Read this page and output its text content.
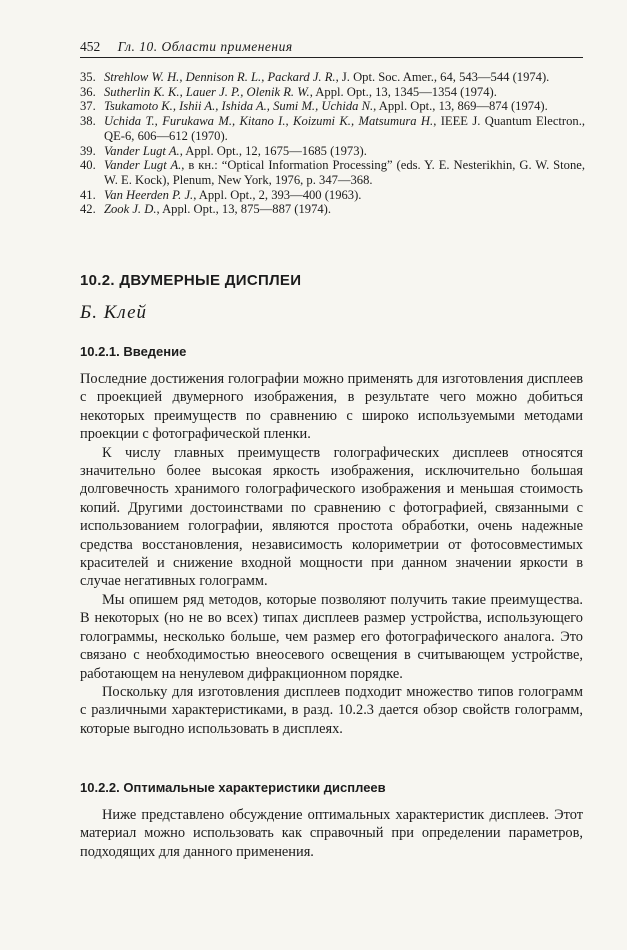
452 Гл. 10. Области применения
35. Strehlow W. H., Dennison R. L., Packard J. R., J. Opt. Soc. Amer., 64, 543—544 (1974).
36. Sutherlin K. K., Lauer J. P., Olenik R. W., Appl. Opt., 13, 1345—1354 (1974).
37. Tsukamoto K., Ishii A., Ishida A., Sumi M., Uchida N., Appl. Opt., 13, 869—874 (1974).
38. Uchida T., Furukawa M., Kitano I., Koizumi K., Matsumura H., IEEE J. Quantum Electron., QE-6, 606—612 (1970).
39. Vander Lugt A., Appl. Opt., 12, 1675—1685 (1973).
40. Vander Lugt A., в кн.: “Optical Information Processing” (eds. Y. E. Nesterikhin, G. W. Stone, W. E. Kock), Plenum, New York, 1976, p. 347—368.
41. Van Heerden P. J., Appl. Opt., 2, 393—400 (1963).
42. Zook J. D., Appl. Opt., 13, 875—887 (1974).
10.2. ДВУМЕРНЫЕ ДИСПЛЕИ
Б. Клей
10.2.1. Введение

Последние достижения голографии можно применять для изготовления дисплеев с проекцией двумерного изображения, в результате чего можно добиться некоторых преимуществ по сравнению с широко используемыми методами проекции с фотографической пленки.

К числу главных преимуществ голографических дисплеев относятся значительно более высокая яркость изображения, исключительно большая долговечность хранимого голографического изображения и меньшая стоимость копий. Другими достоинствами по сравнению с фотографией, связанными с использованием голографии, являются простота обработки, очень надежные средства восстановления, независимость колориметрии от фотосовместимых красителей и снижение входной мощности при данном значении яркости в случае негативных голограмм.

Мы опишем ряд методов, которые позволяют получить такие преимущества. В некоторых (но не во всех) типах дисплеев размер устройства, использующего голограммы, несколько больше, чем размер его фотографического аналога. Это связано с необходимостью внеосевого освещения в считывающем устройстве, работающем на ненулевом дифракционном порядке.

Поскольку для изготовления дисплеев подходит множество типов голограмм с различными характеристиками, в разд. 10.2.3 дается обзор свойств голограмм, которые выгодно использовать в дисплеях.

10.2.2. Оптимальные характеристики дисплеев

Ниже представлено обсуждение оптимальных характеристик дисплеев. Этот материал можно использовать как справочный при определении параметров, подходящих для данного применения.
